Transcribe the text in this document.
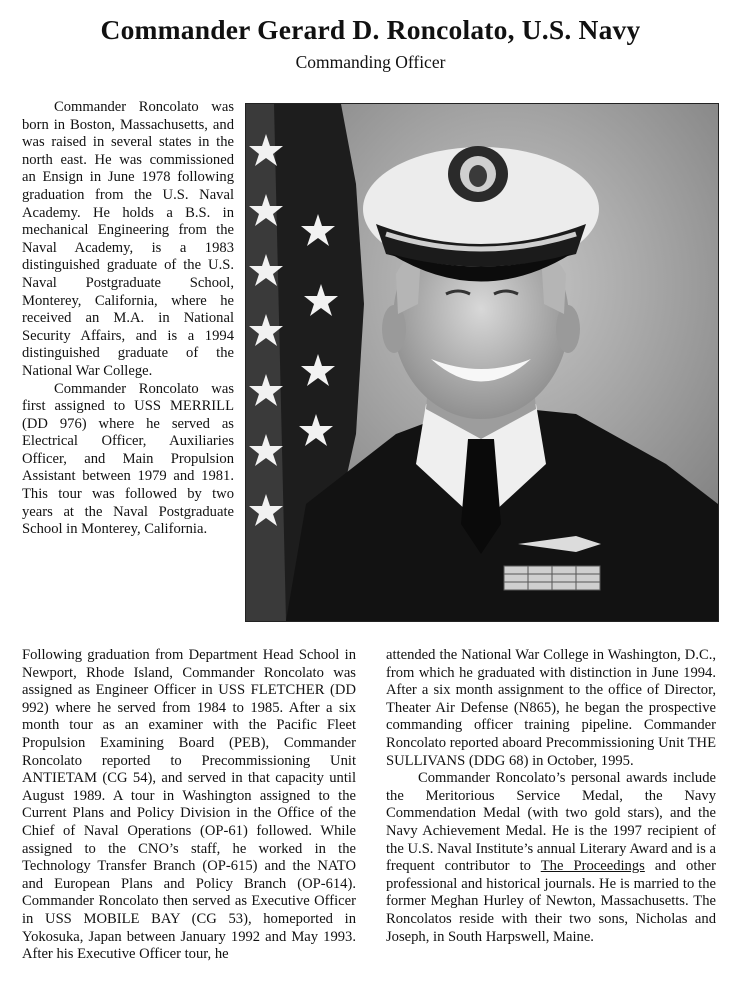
Commander Gerard D. Roncolato, U.S. Navy
Commanding Officer

Commander Roncolato was born in Boston, Massachusetts, and was raised in several states in the north east. He was commissioned an Ensign in June 1978 following graduation from the U.S. Naval Academy. He holds a B.S. in mechanical Engineering from the Naval Academy, is a 1983 distinguished graduate of the U.S. Naval Postgraduate School, Monterey, California, where he received an M.A. in National Security Affairs, and is a 1994 distinguished graduate of the National War College.

Commander Roncolato was first assigned to USS MERRILL (DD 976) where he served as Electrical Officer, Auxiliaries Officer, and Main Propulsion Assistant between 1979 and 1981. This tour was followed by two years at the Naval Postgraduate School in Monterey, California.

Following graduation from Department Head School in Newport, Rhode Island, Commander Roncolato was assigned as Engineer Officer in USS FLETCHER (DD 992) where he served from 1984 to 1985. After a six month tour as an examiner with the Pacific Fleet Propulsion Examining Board (PEB), Commander Roncolato reported to Precommissioning Unit ANTIETAM (CG 54), and served in that capacity until August 1989. A tour in Washington assigned to the Current Plans and Policy Division in the Office of the Chief of Naval Operations (OP-61) followed. While assigned to the CNO’s staff, he worked in the Technology Transfer Branch (OP-615) and the NATO and European Plans and Policy Branch (OP-614). Commander Roncolato then served as Executive Officer in USS MOBILE BAY (CG 53), homeported in Yokosuka, Japan between January 1992 and May 1993. After his Executive Officer tour, he

attended the National War College in Washington, D.C., from which he graduated with distinction in June 1994. After a six month assignment to the office of Director, Theater Air Defense (N865), he began the prospective commanding officer training pipeline. Commander Roncolato reported aboard Precommissioning Unit THE SULLIVANS (DDG 68) in October, 1995.

Commander Roncolato’s personal awards include the Meritorious Service Medal, the Navy Commendation Medal (with two gold stars), and the Navy Achievement Medal. He is the 1997 recipient of the U.S. Naval Institute’s annual Literary Award and is a frequent contributor to The Proceedings and other professional and historical journals. He is married to the former Meghan Hurley of Newton, Massachusetts. The Roncolatos reside with their two sons, Nicholas and Joseph, in South Harpswell, Maine.
